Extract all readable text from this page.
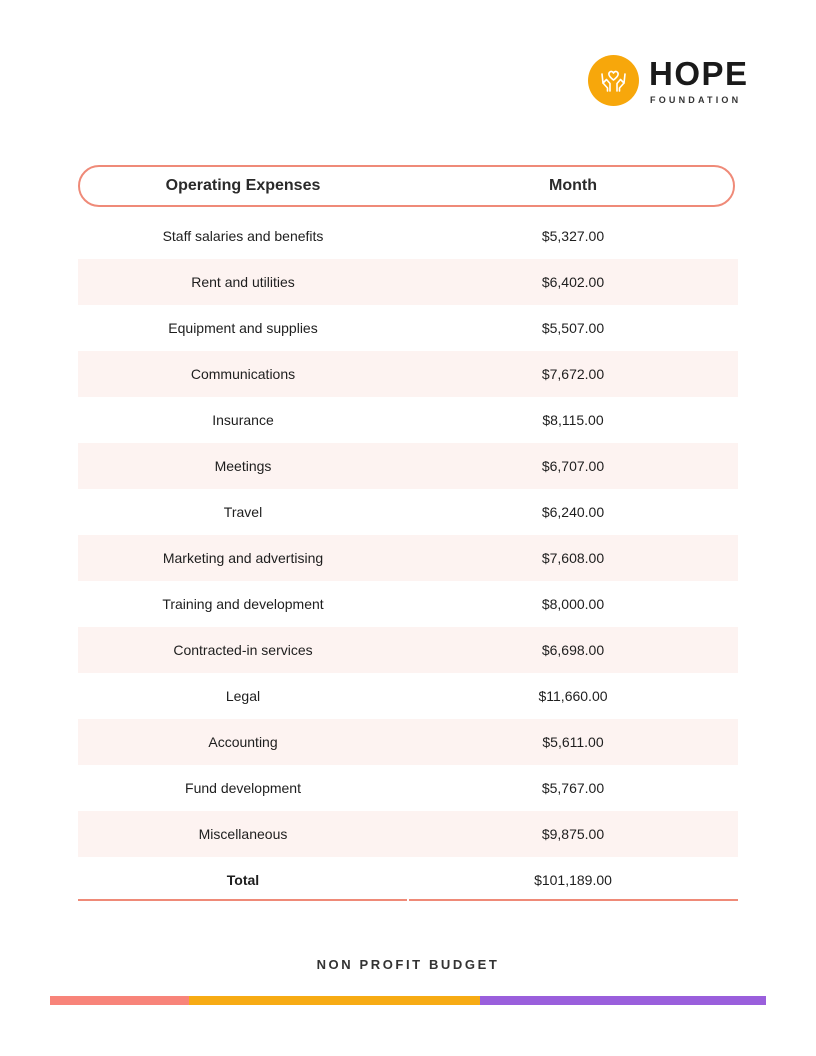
HOPE
FOUNDATION
Operating Expenses	Month
Staff salaries and benefits	$5,327.00
Rent and utilities	$6,402.00
Equipment and supplies	$5,507.00
Communications	$7,672.00
Insurance	$8,115.00
Meetings	$6,707.00
Travel	$6,240.00
Marketing and advertising	$7,608.00
Training and development	$8,000.00
Contracted-in services	$6,698.00
Legal	$11,660.00
Accounting	$5,611.00
Fund development	$5,767.00
Miscellaneous	$9,875.00
Total	$101,189.00
NON PROFIT BUDGET
